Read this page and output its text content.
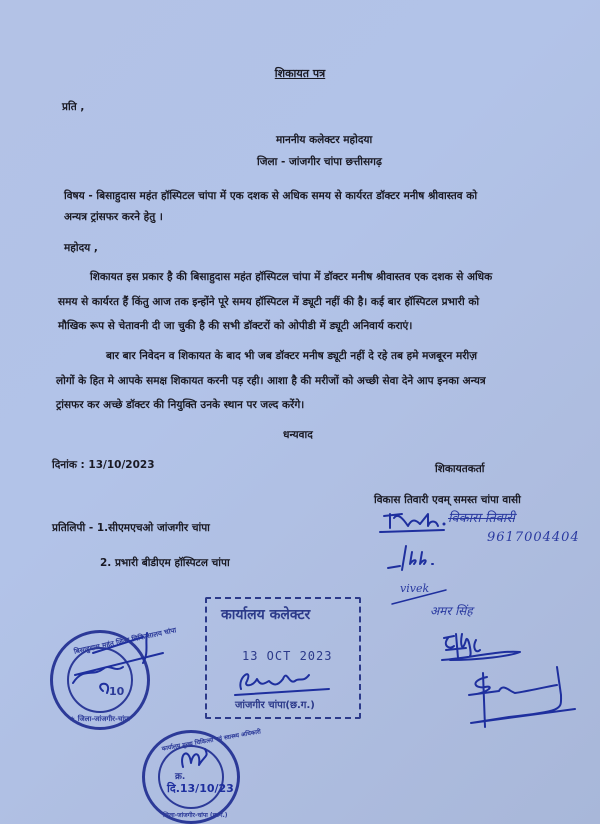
शिकायत पत्र
प्रति ,
माननीय कलेक्टर महोदया
जिला - जांजगीर चांपा छत्तीसगढ़
विषय - बिसाहुदास महंत हॉस्पिटल चांपा में एक दशक से अधिक समय से कार्यरत डॉक्टर मनीष श्रीवास्तव को
अन्यत्र ट्रांसफर करने हेतु ।
महोदय ,
शिकायत इस प्रकार है की बिसाहुदास महंत हॉस्पिटल चांपा में डॉक्टर मनीष श्रीवास्तव एक दशक से अधिक
समय से कार्यरत हैं किंतु आज तक इन्होंने पूरे समय हॉस्पिटल में ड्यूटी नहीं की है। कई बार हॉस्पिटल प्रभारी को
मौखिक रूप से चेतावनी दी जा चुकी है की सभी डॉक्टरों को ओपीडी में ड्यूटी अनिवार्य कराएं।
बार बार निवेदन व शिकायत के बाद भी जब डॉक्टर मनीष ड्यूटी नहीं दे रहे तब हमे मजबूरन मरीज़
लोगों के हित मे आपके समक्ष शिकायत करनी पड़ रही। आशा है की मरीजों को अच्छी सेवा देने आप इनका अन्यत्र
ट्रांसफर कर अच्छे डॉक्टर की नियुक्ति उनके स्थान पर जल्द करेंगे।
धन्यवाद
दिनांक : 13/10/2023	शिकायतकर्ता
विकास तिवारी एवम् समस्त चांपा वासी
प्रतिलिपी - 1.सीएमएचओ जांजगीर चांपा
2. प्रभारी बीडीएम हॉस्पिटल चांपा
विकास तिवारी
9617004404
vivek
अमर सिंह
कार्यालय कलेक्टर
13 OCT 2023
जांजगीर चांपा(छ.ग.)
बिसाहुदास महंत जिला चिकित्सालय चांपा
★ जिला-जांजगीर-चांपा
10
कार्यालय मुख्य चिकित्सा एवं स्वास्थ्य अधिकारी
क्र.
दि.13/10/23
जिला-जांजगीर-चांपा (छ.ग.)
